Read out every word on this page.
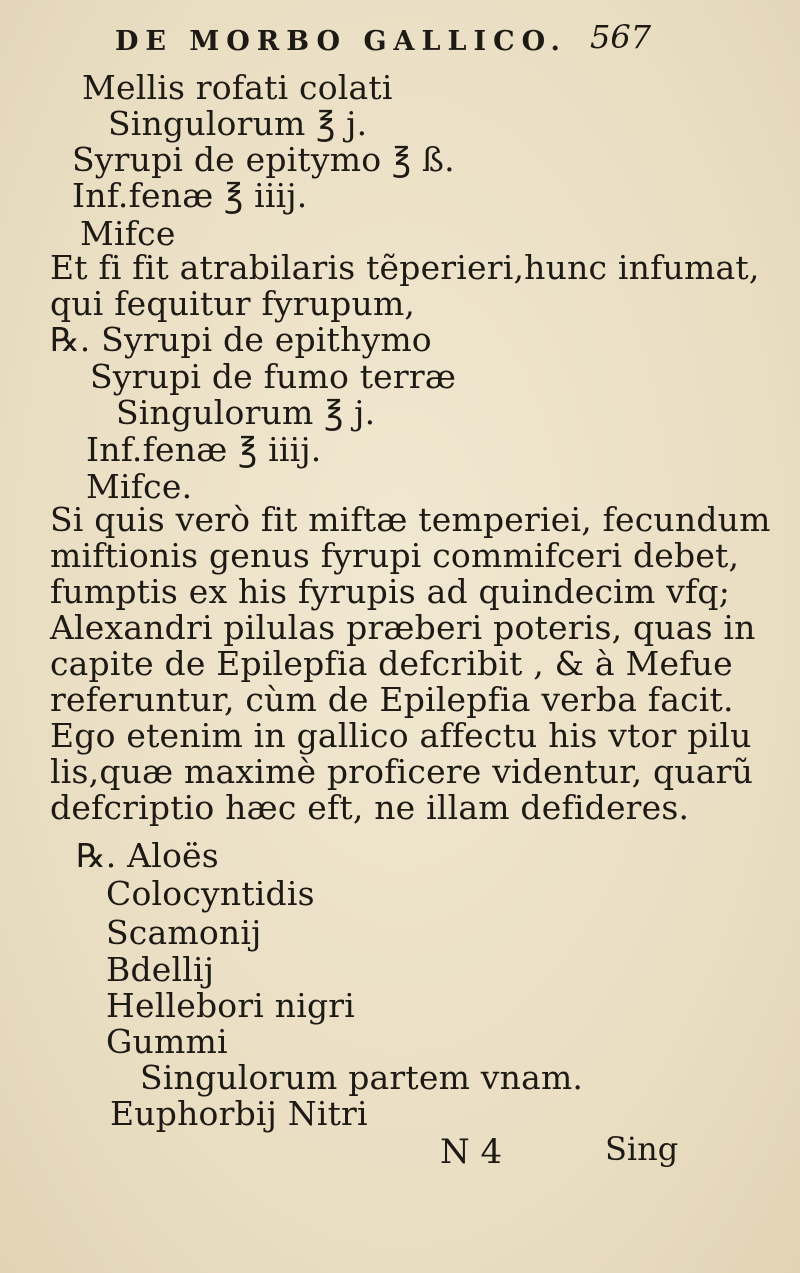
DE MORBO GALLICO. 567
Mellis rofati colati
Singulorum ℥ j.
Syrupi de epitymo ℥ ß.
Inf.fenæ ℥ iiij.
Mifce
Et fi fit atrabilaris tẽperieri,hunc infumat,
qui fequitur fyrupum,
℞. Syrupi de epithymo
Syrupi de fumo terræ
Singulorum ℥ j.
Inf.fenæ ℥ iiij.
Mifce.
Si quis verò fit miftæ temperiei, fecundum
miftionis genus fyrupi commifceri debet,
fumptis ex his fyrupis ad quindecim vfq;
Alexandri pilulas præberi poteris, quas in
capite de Epilepfia defcribit , & à Mefue
referuntur, cùm de Epilepfia verba facit.
Ego etenim in gallico affectu his vtor pilu
lis,quæ maximè proficere videntur, quarũ
defcriptio hæc eft, ne illam defideres.
℞. Aloës
Colocyntidis
Scamonij
Bdellij
Hellebori nigri
Gummi
Singulorum partem vnam.
Euphorbij Nitri
N 4	Sing
